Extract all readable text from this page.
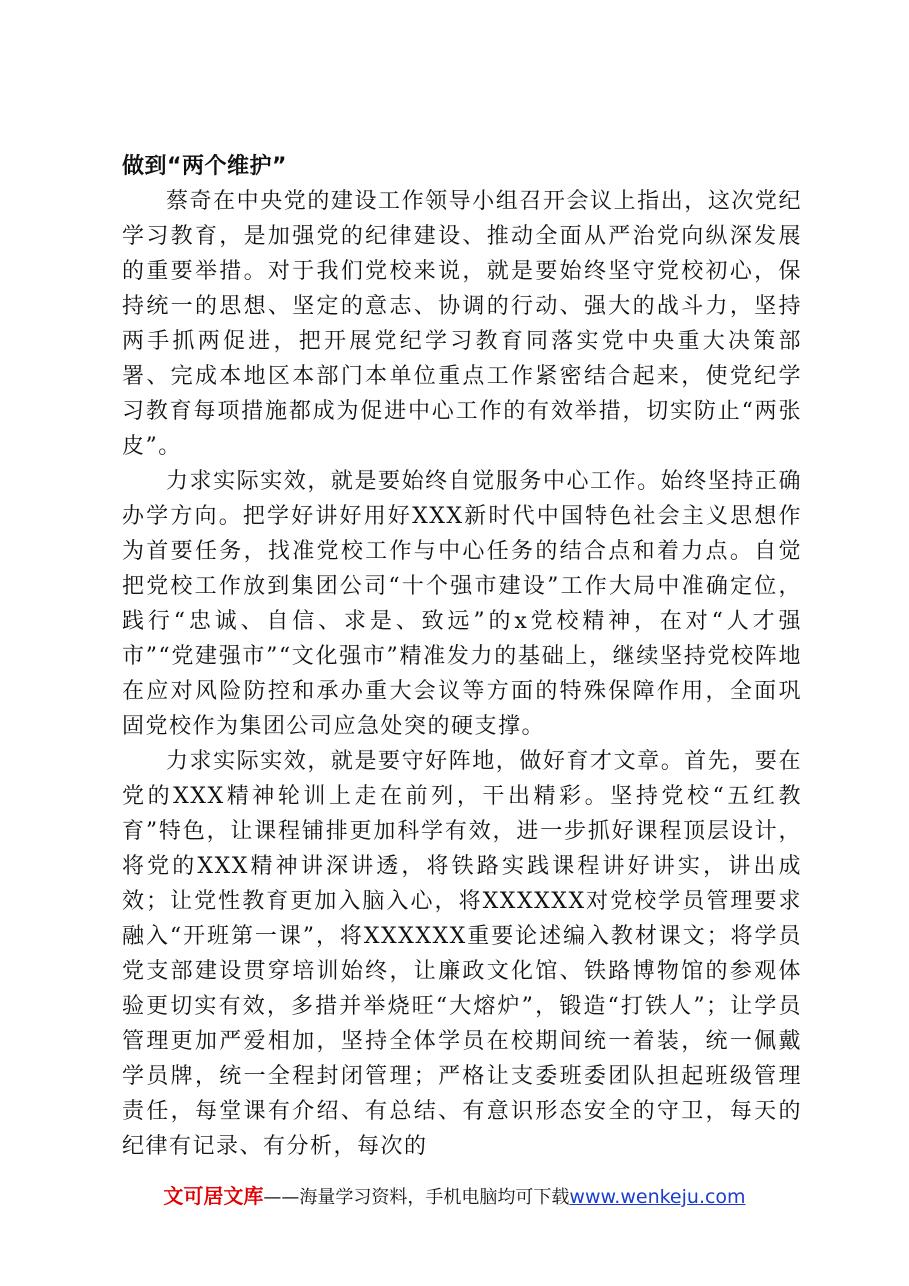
做到“两个维护”

蔡奇在中央党的建设工作领导小组召开会议上指出，这次党纪学习教育，是加强党的纪律建设、推动全面从严治党向纵深发展的重要举措。对于我们党校来说，就是要始终坚守党校初心，保持统一的思想、坚定的意志、协调的行动、强大的战斗力，坚持两手抓两促进，把开展党纪学习教育同落实党中央重大决策部署、完成本地区本部门本单位重点工作紧密结合起来，使党纪学习教育每项措施都成为促进中心工作的有效举措，切实防止“两张皮”。

力求实际实效，就是要始终自觉服务中心工作。始终坚持正确办学方向。把学好讲好用好XXX新时代中国特色社会主义思想作为首要任务，找准党校工作与中心任务的结合点和着力点。自觉把党校工作放到集团公司“十个强市建设”工作大局中准确定位，践行“忠诚、自信、求是、致远”的x党校精神，在对“人才强市”“党建强市”“文化强市”精准发力的基础上，继续坚持党校阵地在应对风险防控和承办重大会议等方面的特殊保障作用，全面巩固党校作为集团公司应急处突的硬支撑。

力求实际实效，就是要守好阵地，做好育才文章。首先，要在党的XXX精神轮训上走在前列，干出精彩。坚持党校“五红教育”特色，让课程铺排更加科学有效，进一步抓好课程顶层设计，将党的XXX精神讲深讲透，将铁路实践课程讲好讲实，讲出成效；让党性教育更加入脑入心，将XXXXXX对党校学员管理要求融入“开班第一课”，将XXXXXX重要论述编入教材课文；将学员党支部建设贯穿培训始终，让廉政文化馆、铁路博物馆的参观体验更切实有效，多措并举烧旺“大熔炉”，锻造“打铁人”；让学员管理更加严爱相加，坚持全体学员在校期间统一着装，统一佩戴学员牌，统一全程封闭管理；严格让支委班委团队担起班级管理责任，每堂课有介绍、有总结、有意识形态安全的守卫，每天的纪律有记录、有分析，每次的

文可居文库——海量学习资料，手机电脑均可下载www.wenkeju.com
